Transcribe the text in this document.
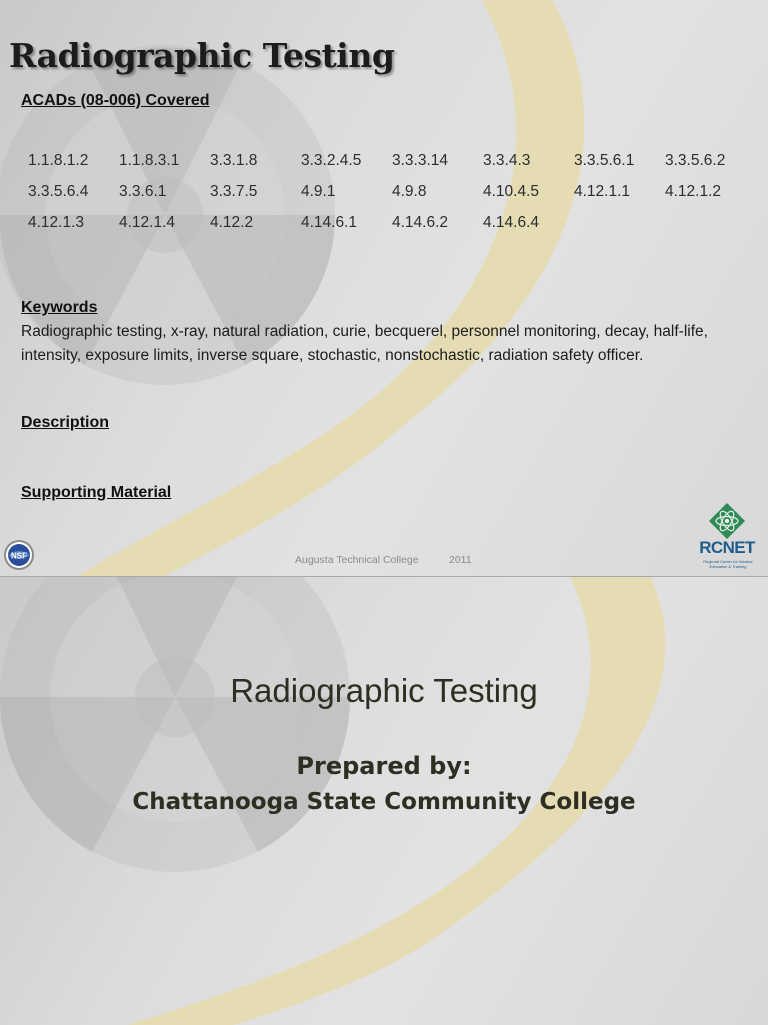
Radiographic Testing
ACADs (08-006) Covered
1.1.8.1.2	1.1.8.3.1	3.3.1.8	3.3.2.4.5	3.3.3.14	3.3.4.3	3.3.5.6.1	3.3.5.6.2
3.3.5.6.4	3.3.6.1	3.3.7.5	4.9.1	4.9.8	4.10.4.5	4.12.1.1	4.12.1.2
4.12.1.3	4.12.1.4	4.12.2	4.14.6.1	4.14.6.2	4.14.6.4
Keywords
Radiographic testing, x-ray, natural radiation, curie, becquerel, personnel monitoring, decay, half-life, intensity, exposure limits, inverse square, stochastic, nonstochastic, radiation safety officer.
Description
Supporting Material
NSF	Augusta Technical College	2011
RCNET
Regional Center for Nuclear Education & Training
Radiographic Testing
Prepared by:
Chattanooga State Community College
